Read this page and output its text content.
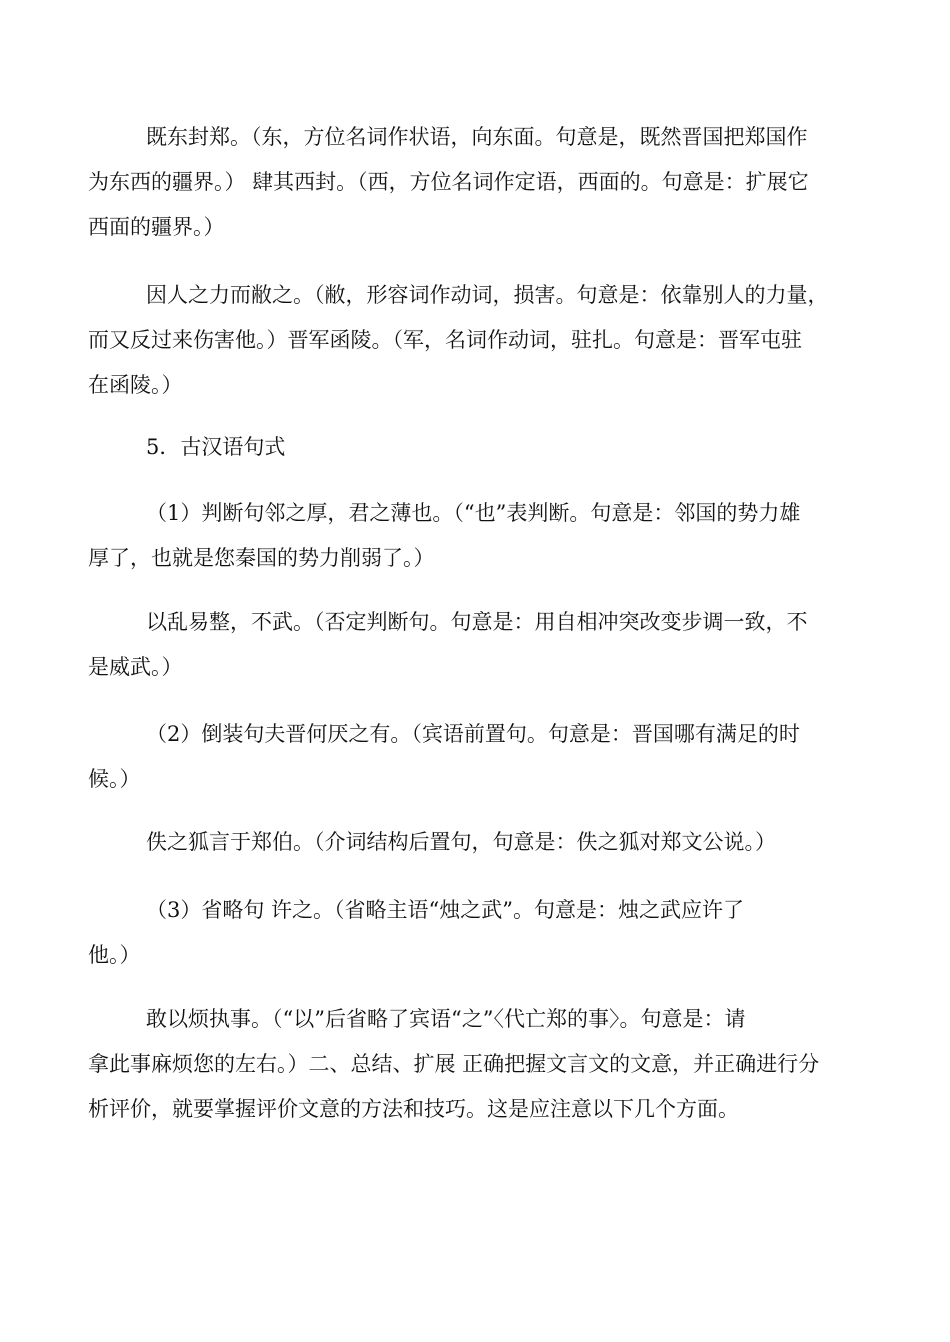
既东封郑。（东，方位名词作状语，向东面。句意是，既然晋国把郑国作
为东西的疆界。） 肆其西封。（西，方位名词作定语，西面的。句意是：扩展它
西面的疆界。）

因人之力而敝之。（敝，形容词作动词，损害。句意是：依靠别人的力量，
而又反过来伤害他。）晋军函陵。（军，名词作动词，驻扎。句意是：晋军屯驻
在函陵。）

5．古汉语句式

（1）判断句邻之厚，君之薄也。（“也”表判断。句意是：邻国的势力雄
厚了，也就是您秦国的势力削弱了。）

以乱易整，不武。（否定判断句。句意是：用自相冲突改变步调一致，不
是威武。）

（2）倒装句夫晋何厌之有。（宾语前置句。句意是：晋国哪有满足的时
候。）

佚之狐言于郑伯。（介词结构后置句，句意是：佚之狐对郑文公说。）

（3）省略句 许之。（省略主语“烛之武”。句意是：烛之武应许了
他。）

敢以烦执事。（“以”后省略了宾语“之”〈代亡郑的事〉。句意是：请
拿此事麻烦您的左右。）二、总结、扩展 正确把握文言文的文意，并正确进行分
析评价，就要掌握评价文意的方法和技巧。这是应注意以下几个方面。
